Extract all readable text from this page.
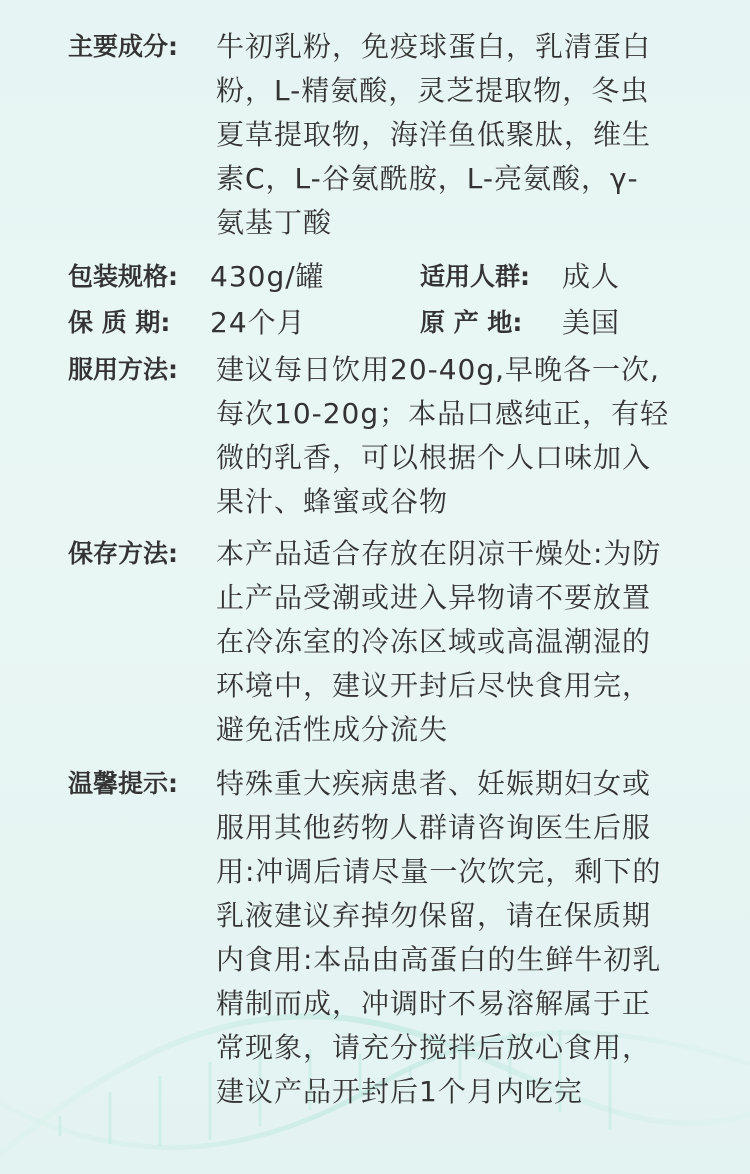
主要成分:	牛初乳粉，免疫球蛋白，乳清蛋白
粉，L-精氨酸，灵芝提取物，冬虫
夏草提取物，海洋鱼低聚肽，维生
素C，L-谷氨酰胺，L-亮氨酸，γ-
氨基丁酸
包装规格:	430g/罐	适用人群:	成人
保 质 期:	24个月	原 产 地:	美国
服用方法:	建议每日饮用20-40g,早晚各一次,
每次10-20g；本品口感纯正，有轻
微的乳香，可以根据个人口味加入
果汁、蜂蜜或谷物
保存方法:	本产品适合存放在阴凉干燥处:为防
止产品受潮或进入异物请不要放置
在冷冻室的冷冻区域或高温潮湿的
环境中，建议开封后尽快食用完，
避免活性成分流失
温馨提示:	特殊重大疾病患者、妊娠期妇女或
服用其他药物人群请咨询医生后服
用:冲调后请尽量一次饮完，剩下的
乳液建议弃掉勿保留，请在保质期
内食用:本品由高蛋白的生鲜牛初乳
精制而成，冲调时不易溶解属于正
常现象，请充分搅拌后放心食用，
建议产品开封后1个月内吃完
